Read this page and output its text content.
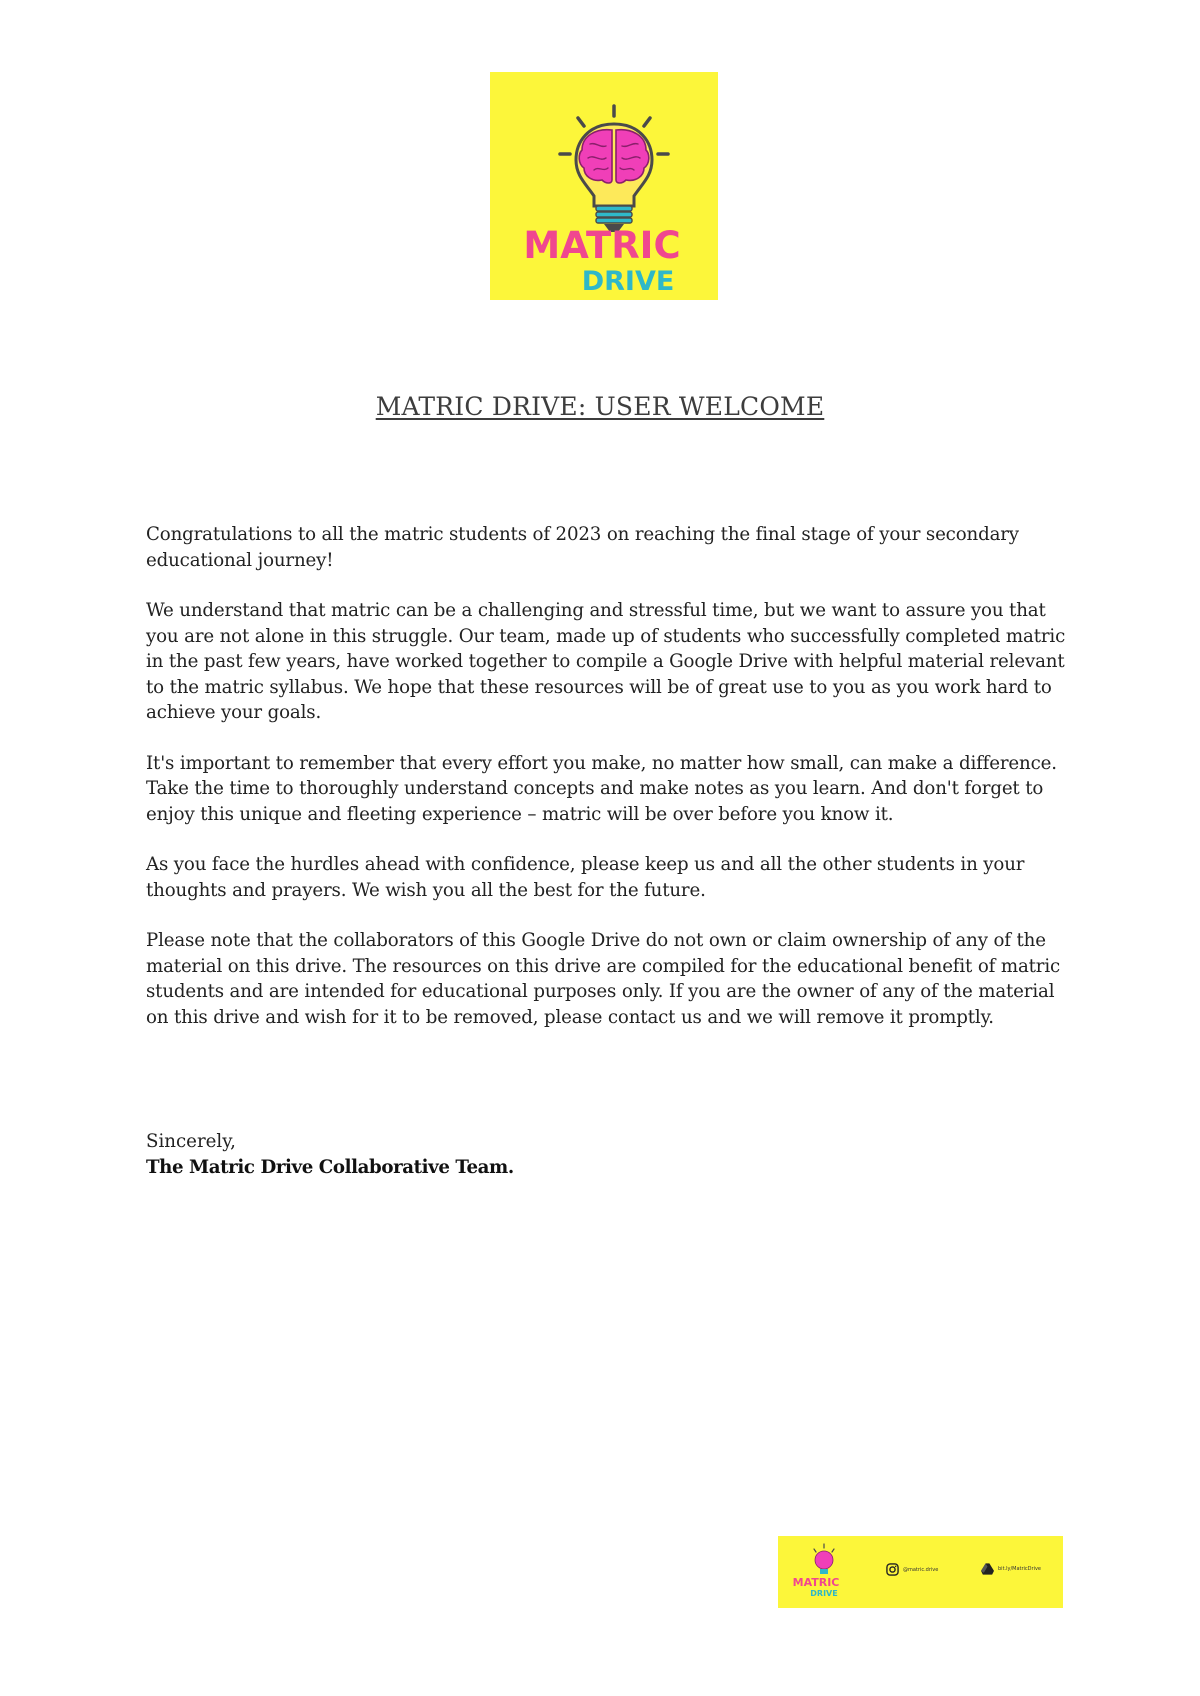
MATRIC
DRIVE
MATRIC DRIVE: USER WELCOME

Congratulations to all the matric students of 2023 on reaching the final stage of your secondary educational journey!

We understand that matric can be a challenging and stressful time, but we want to assure you that you are not alone in this struggle. Our team, made up of students who successfully completed matric in the past few years, have worked together to compile a Google Drive with helpful material relevant to the matric syllabus. We hope that these resources will be of great use to you as you work hard to achieve your goals.

It's important to remember that every effort you make, no matter how small, can make a difference. Take the time to thoroughly understand concepts and make notes as you learn. And don't forget to enjoy this unique and fleeting experience – matric will be over before you know it.

As you face the hurdles ahead with confidence, please keep us and all the other students in your thoughts and prayers. We wish you all the best for the future.

Please note that the collaborators of this Google Drive do not own or claim ownership of any of the material on this drive. The resources on this drive are compiled for the educational benefit of matric students and are intended for educational purposes only. If you are the owner of any of the material on this drive and wish for it to be removed, please contact us and we will remove it promptly.

Sincerely,
The Matric Drive Collaborative Team.
MATRIC
DRIVE
@matric.drive	bit.ly/MatricDrive
